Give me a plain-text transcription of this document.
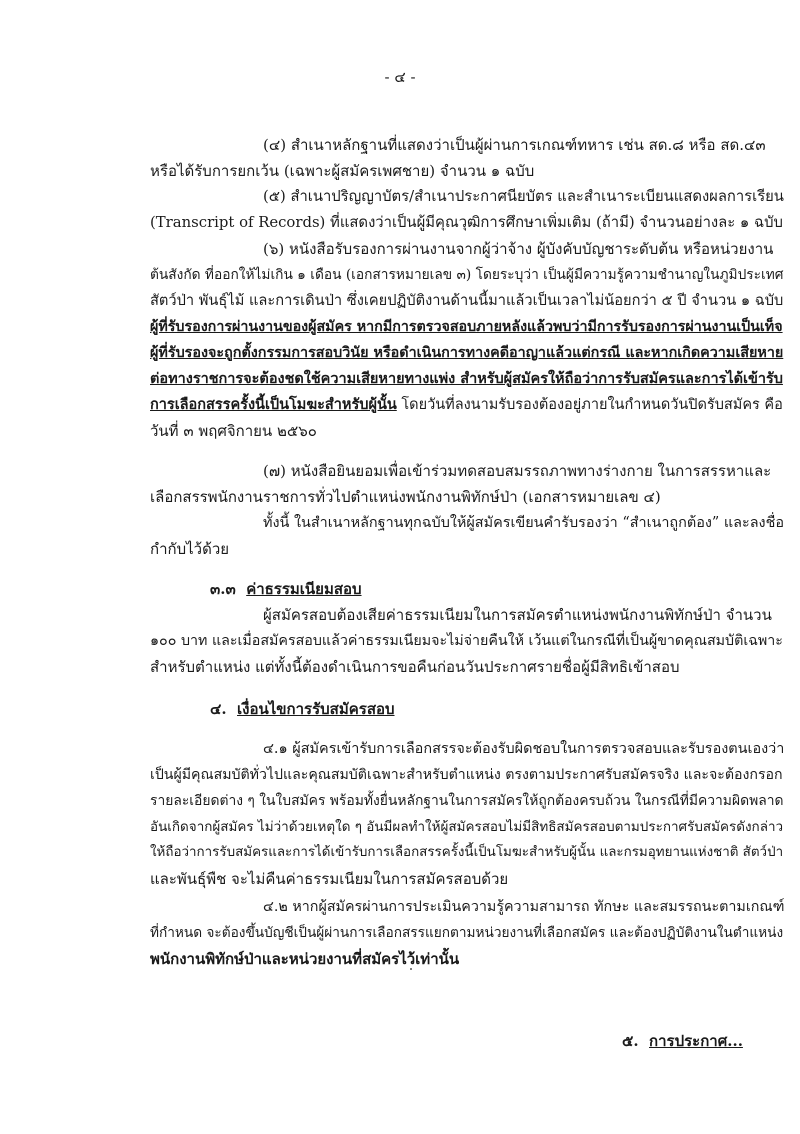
- ๔ -
(๔) สำเนาหลักฐานที่แสดงว่าเป็นผู้ผ่านการเกณฑ์ทหาร เช่น สด.๘ หรือ สด.๔๓
หรือได้รับการยกเว้น (เฉพาะผู้สมัครเพศชาย) จำนวน ๑ ฉบับ
(๕) สำเนาปริญญาบัตร/สำเนาประกาศนียบัตร และสำเนาระเบียนแสดงผลการเรียน
(Transcript of Records) ที่แสดงว่าเป็นผู้มีคุณวุฒิการศึกษาเพิ่มเติม (ถ้ามี) จำนวนอย่างละ ๑ ฉบับ
(๖) หนังสือรับรองการผ่านงานจากผู้ว่าจ้าง ผู้บังคับบัญชาระดับต้น หรือหน่วยงาน
ต้นสังกัด ที่ออกให้ไม่เกิน ๑ เดือน (เอกสารหมายเลข ๓) โดยระบุว่า เป็นผู้มีความรู้ความชำนาญในภูมิประเทศ
สัตว์ป่า พันธุ์ไม้ และการเดินป่า ซึ่งเคยปฏิบัติงานด้านนี้มาแล้วเป็นเวลาไม่น้อยกว่า ๕ ปี จำนวน ๑ ฉบับ
ผู้ที่รับรองการผ่านงานของผู้สมัคร หากมีการตรวจสอบภายหลังแล้วพบว่ามีการรับรองการผ่านงานเป็นเท็จ
ผู้ที่รับรองจะถูกตั้งกรรมการสอบวินัย หรือดำเนินการทางคดีอาญาแล้วแต่กรณี และหากเกิดความเสียหาย
ต่อทางราชการจะต้องชดใช้ความเสียหายทางแพ่ง สำหรับผู้สมัครให้ถือว่าการรับสมัครและการได้เข้ารับ
การเลือกสรรครั้งนี้เป็นโมฆะสำหรับผู้นั้น โดยวันที่ลงนามรับรองต้องอยู่ภายในกำหนดวันปิดรับสมัคร คือ
วันที่ ๓ พฤศจิกายน ๒๕๖๐
(๗) หนังสือยินยอมเพื่อเข้าร่วมทดสอบสมรรถภาพทางร่างกาย ในการสรรหาและ
เลือกสรรพนักงานราชการทั่วไปตำแหน่งพนักงานพิทักษ์ป่า (เอกสารหมายเลข ๔)
ทั้งนี้ ในสำเนาหลักฐานทุกฉบับให้ผู้สมัครเขียนคำรับรองว่า “สำเนาถูกต้อง” และลงชื่อ
กำกับไว้ด้วย
๓.๓ ค่าธรรมเนียมสอบ
ผู้สมัครสอบต้องเสียค่าธรรมเนียมในการสมัครตำแหน่งพนักงานพิทักษ์ป่า จำนวน
๑๐๐ บาท และเมื่อสมัครสอบแล้วค่าธรรมเนียมจะไม่จ่ายคืนให้ เว้นแต่ในกรณีที่เป็นผู้ขาดคุณสมบัติเฉพาะ
สำหรับตำแหน่ง แต่ทั้งนี้ต้องดำเนินการขอคืนก่อนวันประกาศรายชื่อผู้มีสิทธิเข้าสอบ
๔. เงื่อนไขการรับสมัครสอบ
๔.๑ ผู้สมัครเข้ารับการเลือกสรรจะต้องรับผิดชอบในการตรวจสอบและรับรองตนเองว่า
เป็นผู้มีคุณสมบัติทั่วไปและคุณสมบัติเฉพาะสำหรับตำแหน่ง ตรงตามประกาศรับสมัครจริง และจะต้องกรอก
รายละเอียดต่าง ๆ ในใบสมัคร พร้อมทั้งยื่นหลักฐานในการสมัครให้ถูกต้องครบถ้วน ในกรณีที่มีความผิดพลาด
อันเกิดจากผู้สมัคร ไม่ว่าด้วยเหตุใด ๆ อันมีผลทำให้ผู้สมัครสอบไม่มีสิทธิสมัครสอบตามประกาศรับสมัครดังกล่าว
ให้ถือว่าการรับสมัครและการได้เข้ารับการเลือกสรรครั้งนี้เป็นโมฆะสำหรับผู้นั้น และกรมอุทยานแห่งชาติ สัตว์ป่า
และพันธุ์พืช จะไม่คืนค่าธรรมเนียมในการสมัครสอบด้วย
๔.๒ หากผู้สมัครผ่านการประเมินความรู้ความสามารถ ทักษะ และสมรรถนะตามเกณฑ์
ที่กำหนด จะต้องขึ้นบัญชีเป็นผู้ผ่านการเลือกสรรแยกตามหน่วยงานที่เลือกสมัคร และต้องปฏิบัติงานในตำแหน่ง
พนักงานพิทักษ์ป่าและหน่วยงานที่สมัครไว้เท่านั้น
๕. การประกาศ...
